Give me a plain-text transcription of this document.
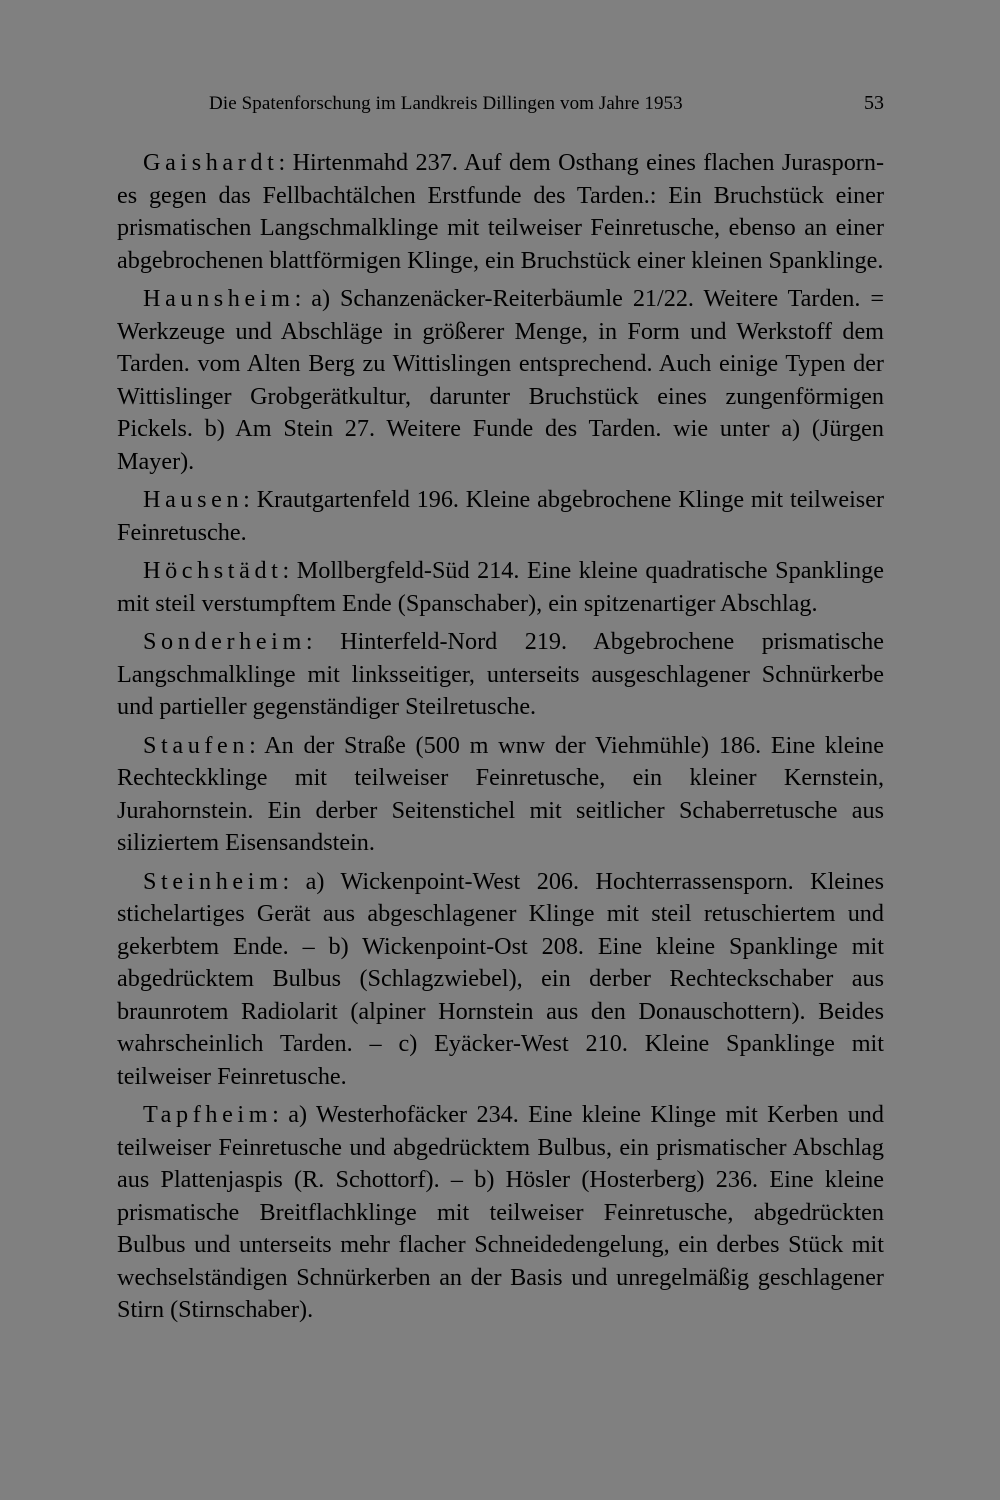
Die Spatenforschung im Landkreis Dillingen vom Jahre 1953	53

Gaishardt: Hirtenmahd 237. Auf dem Osthang eines flachen Juraspornes gegen das Fellbachtälchen Erstfunde des Tarden.: Ein Bruchstück einer prismatischen Langschmalklinge mit teilweiser Feinretusche, ebenso an einer abgebrochenen blattförmigen Klinge, ein Bruchstück einer kleinen Spanklinge.

Haunsheim: a) Schanzenäcker-Reiterbäumle 21/22. Weitere Tarden. = Werkzeuge und Abschläge in größerer Menge, in Form und Werkstoff dem Tarden. vom Alten Berg zu Wittislingen entsprechend. Auch einige Typen der Wittislinger Grobgerätkultur, darunter Bruchstück eines zungenförmigen Pickels. b) Am Stein 27. Weitere Funde des Tarden. wie unter a) (Jürgen Mayer).

Hausen: Krautgartenfeld 196. Kleine abgebrochene Klinge mit teilweiser Feinretusche.

Höchstädt: Mollbergfeld-Süd 214. Eine kleine quadratische Spanklinge mit steil verstumpftem Ende (Spanschaber), ein spitzenartiger Abschlag.

Sonderheim: Hinterfeld-Nord 219. Abgebrochene prismatische Langschmalklinge mit linksseitiger, unterseits ausgeschlagener Schnürkerbe und partieller gegenständiger Steilretusche.

Staufen: An der Straße (500 m wnw der Viehmühle) 186. Eine kleine Rechteckklinge mit teilweiser Feinretusche, ein kleiner Kernstein, Jurahornstein. Ein derber Seitenstichel mit seitlicher Schaberretusche aus siliziertem Eisensandstein.

Steinheim: a) Wickenpoint-West 206. Hochterrassensporn. Kleines stichelartiges Gerät aus abgeschlagener Klinge mit steil retuschiertem und gekerbtem Ende. – b) Wickenpoint-Ost 208. Eine kleine Spanklinge mit abgedrücktem Bulbus (Schlagzwiebel), ein derber Rechteckschaber aus braunrotem Radiolarit (alpiner Hornstein aus den Donauschottern). Beides wahrscheinlich Tarden. – c) Eyäcker-West 210. Kleine Spanklinge mit teilweiser Feinretusche.

Tapfheim: a) Westerhofäcker 234. Eine kleine Klinge mit Kerben und teilweiser Feinretusche und abgedrücktem Bulbus, ein prismatischer Abschlag aus Plattenjaspis (R. Schottorf). – b) Hösler (Hosterberg) 236. Eine kleine prismatische Breitflachklinge mit teilweiser Feinretusche, abgedrückten Bulbus und unterseits mehr flacher Schneidedengelung, ein derbes Stück mit wechselständigen Schnürkerben an der Basis und unregelmäßig geschlagener Stirn (Stirnschaber).
